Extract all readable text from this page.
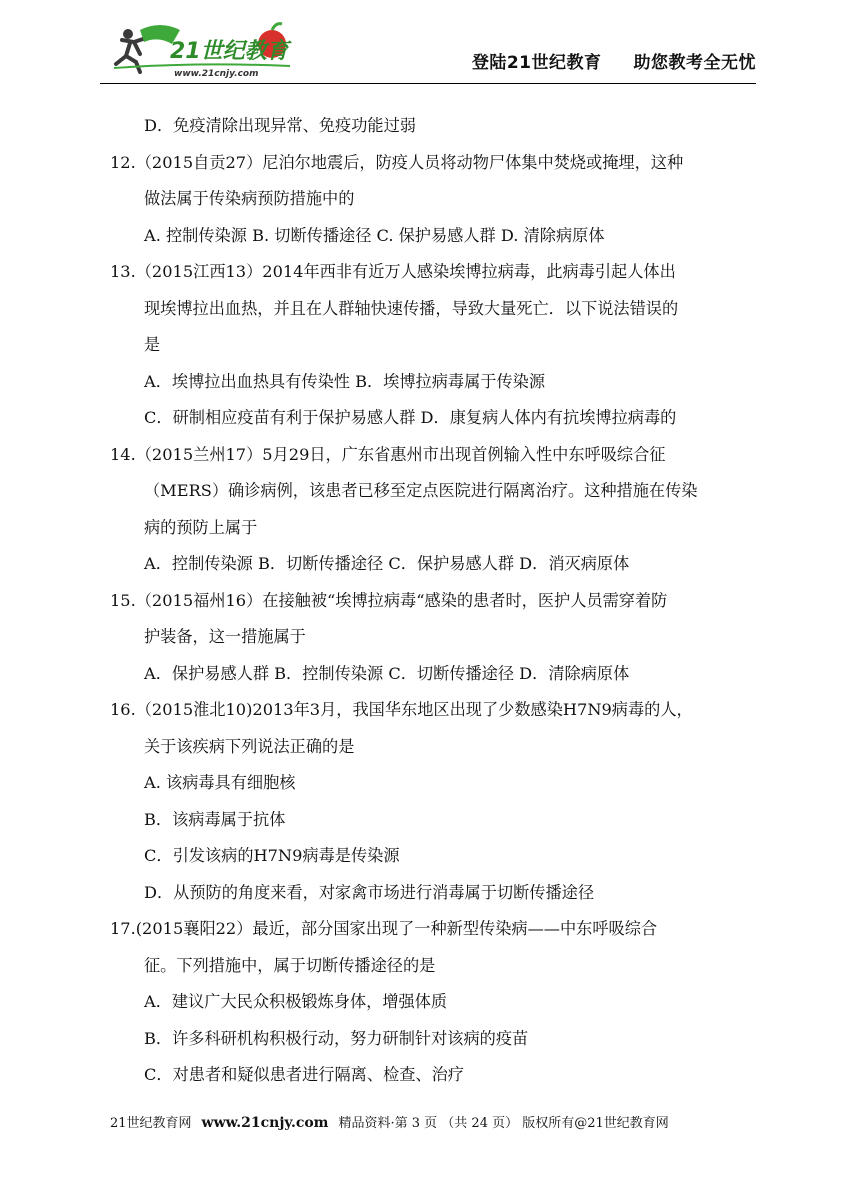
21世纪教育
www.21cnjy.com
登陆21世纪教育 助您教考全无忧
D．免疫清除出现异常、免疫功能过弱
12.（2015自贡27）尼泊尔地震后，防疫人员将动物尸体集中焚烧或掩埋，这种
做法属于传染病预防措施中的
A. 控制传染源 B. 切断传播途径 C. 保护易感人群 D. 清除病原体
13.（2015江西13）2014年西非有近万人感染埃博拉病毒，此病毒引起人体出
现埃博拉出血热，并且在人群轴快速传播，导致大量死亡．以下说法错误的
是
A．埃博拉出血热具有传染性 B．埃博拉病毒属于传染源
C．研制相应疫苗有利于保护易感人群 D．康复病人体内有抗埃博拉病毒的
14.（2015兰州17）5月29日，广东省惠州市出现首例输入性中东呼吸综合征
（MERS）确诊病例，该患者已移至定点医院进行隔离治疗。这种措施在传染
病的预防上属于
A．控制传染源 B．切断传播途径 C．保护易感人群 D．消灭病原体
15.（2015福州16）在接触被“埃博拉病毒“感染的患者时，医护人员需穿着防
护装备，这一措施属于
A．保护易感人群 B．控制传染源 C．切断传播途径 D．清除病原体
16.（2015淮北10)2013年3月，我国华东地区出现了少数感染H7N9病毒的人，
关于该疾病下列说法正确的是
A. 该病毒具有细胞核
B．该病毒属于抗体
C．引发该病的H7N9病毒是传染源
D．从预防的角度来看，对家禽市场进行消毒属于切断传播途径
17.(2015襄阳22）最近，部分国家出现了一种新型传染病——中东呼吸综合
征。下列措施中，属于切断传播途径的是
A．建议广大民众积极锻炼身体，增强体质
B．许多科研机构积极行动，努力研制针对该病的疫苗
C．对患者和疑似患者进行隔离、检查、治疗
21世纪教育网 www.21cnjy.com 精品资料·第 3 页 （共 24 页） 版权所有@21世纪教育网
